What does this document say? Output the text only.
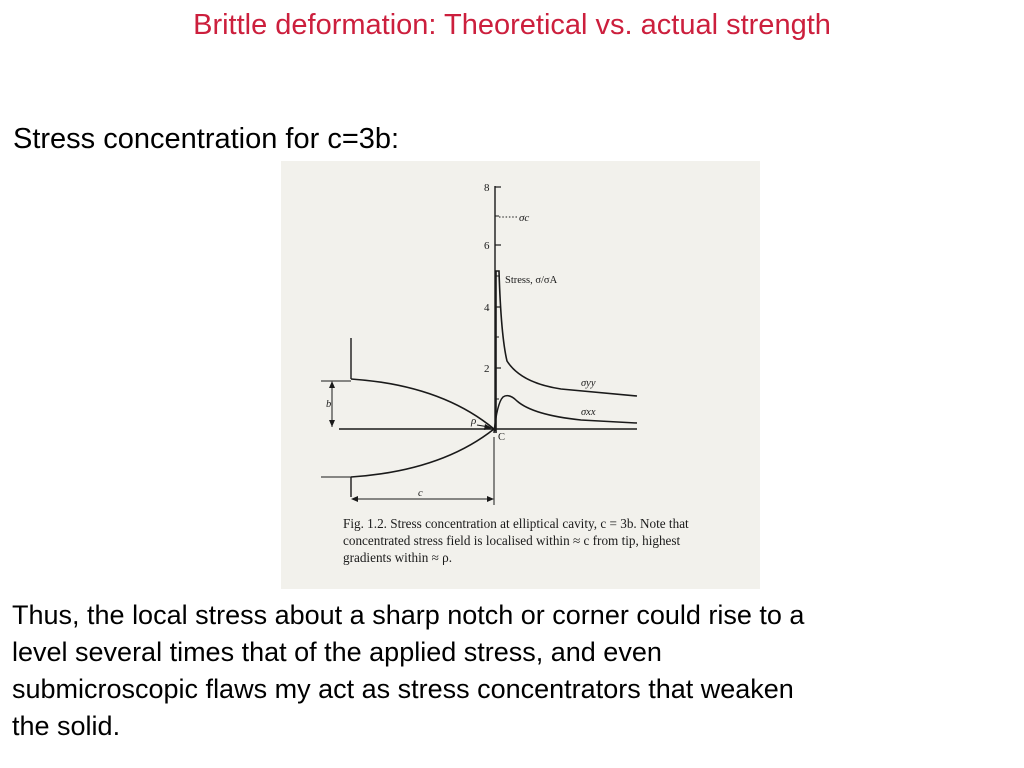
Brittle deformation: Theoretical vs. actual strength
Stress concentration for c=3b:
8
6
4
2
σc
Stress, σ/σA
σyy
σxx
b
c
ρ
C
Fig. 1.2. Stress concentration at elliptical cavity, c = 3b. Note that
concentrated stress field is localised within ≈ c from tip, highest
gradients within ≈ ρ.
Thus, the local stress about a sharp notch or corner could rise to a
level several times that of the applied stress, and even
submicroscopic flaws my act as stress concentrators that weaken
the solid.
